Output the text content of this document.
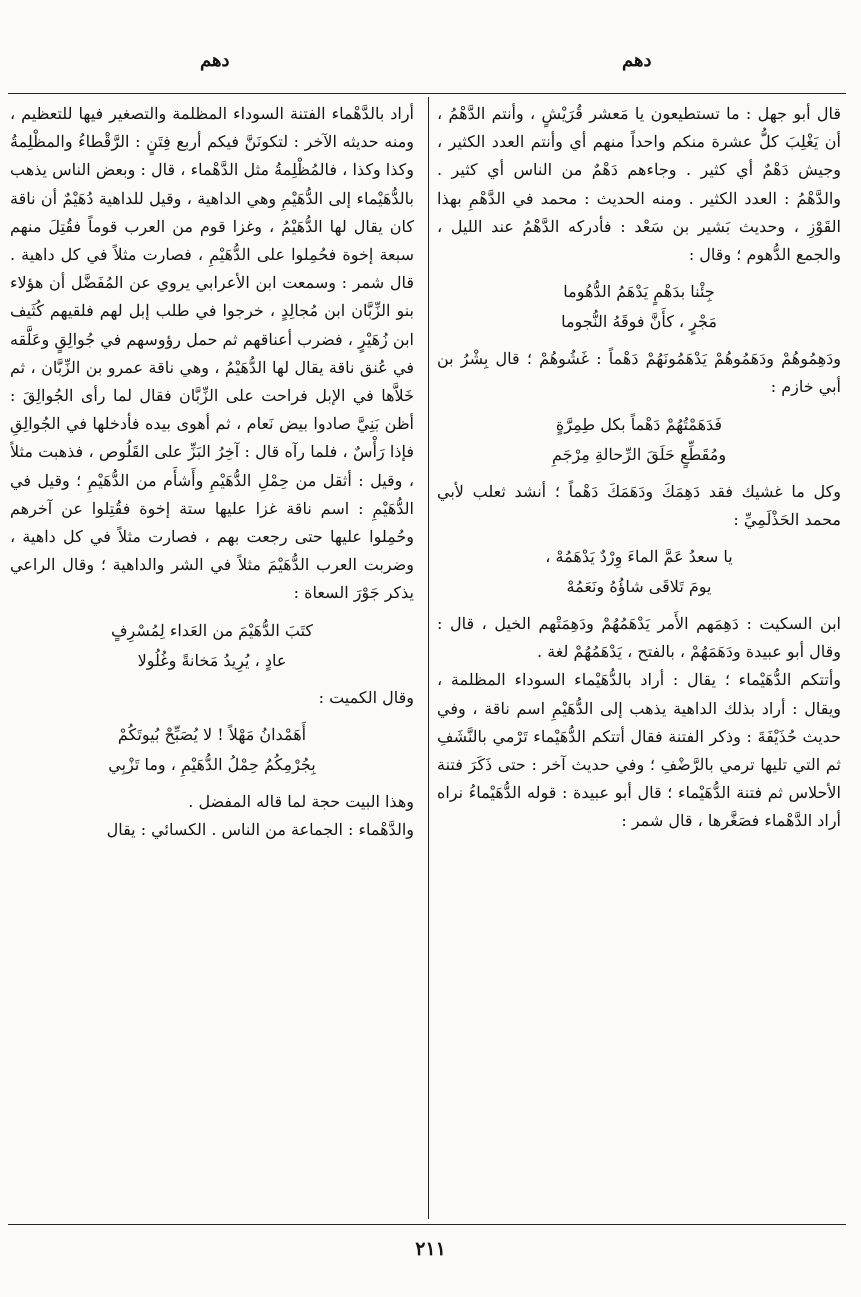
دهم	دهم

قال أبو جهل : ما تستطيعون يا مَعشر قُرَيْشٍ ، وأنتم الدَّهْمُ ، أن يَغْلِبَ كلُّ عشرة منكم واحداً منهم أي وأنتم العدد الكثير ، وجيش دَهْمٌ أي كثير . وجاءهم دَهْمٌ من الناس أي كثير . والدَّهْمُ : العدد الكثير . ومنه الحديث : محمد في الدَّهْمِ بهذا القَوْزِ ، وحديث بَشير بن سَعْد : فأدركه الدَّهْمُ عند الليل ، والجمع الدُّهوم ؛ وقال :

جِئْنا بدَهْمٍ يَدْهَمُ الدُّهُوما
مَجْرٍ ، كأَنَّ فوقَهُ النُّجوما

ودَهِمُوهُمْ ودَهَمُوهُمْ يَدْهَمُونَهُمْ دَهْماً : غَشُوهُمْ ؛ قال بِشْرُ بن أبي خازم :

فَدَهَمْتُهُمْ دَهْماً بكل طِمِرَّةٍ
ومُقَطِّعٍ حَلَقَ الرِّحالةِ مِرْجَمِ

وكل ما غشيك فقد دَهِمَكَ ودَهَمَكَ دَهْماً ؛ أنشد ثعلب لأبي محمد الحَذْلَمِيِّ :

يا سعدُ عَمَّ الماءَ وِرْدٌ يَدْهَمُهْ ،
يومَ تَلاقَى شاؤُهُ ونَعَمُهْ

ابن السكيت : دَهِمَهم الأَمر يَدْهَمُهُمْ ودَهِمَتْهم الخيل ، قال : وقال أبو عبيدة ودَهَمَهُمْ ، بالفتح ، يَدْهَمُهُمْ لغة .

وأتتكم الدُّهَيْماء ؛ يقال : أراد بالدُّهَيْماء السوداء المظلمة ، ويقال : أراد بذلك الداهية يذهب إلى الدُّهَيْمِ اسم ناقة ، وفي حديث حُذَيْفَةَ : وذكر الفتنة فقال أتتكم الدُّهَيْماء تَرْمي بالنَّشَفِ ثم التي تليها ترمي بالرَّضْفِ ؛ وفي حديث آخر : حتى ذَكَرَ فتنة الأحلاس ثم فتنة الدُّهَيْماء ؛ قال أبو عبيدة : قوله الدُّهَيْماءُ نراه أراد الدَّهْماء فصَغَّرها ، قال شمر :

أراد بالدَّهْماء الفتنة السوداء المظلمة والتصغير فيها للتعظيم ، ومنه حديثه الآخر : لتكونَنَّ فيكم أربع فِتَنٍ : الرَّقْطاءُ والمظْلِمةُ وكذا وكذا ، فالمُظْلِمةُ مثل الدَّهْماء ، قال : وبعض الناس يذهب بالدُّهَيْماء إلى الدُّهَيْمِ وهي الداهية ، وقيل للداهية دُهَيْمٌ أن ناقة كان يقال لها الدُّهَيْمُ ، وغزا قوم من العرب قوماً فقُتِلَ منهم سبعة إخوة فحُمِلوا على الدُّهَيْمِ ، فصارت مثلاً في كل داهية . قال شمر : وسمعت ابن الأعرابي يروي عن المُفَضَّل أن هؤلاء بنو الزِّبَّان ابن مُجالِدٍ ، خرجوا في طلب إبل لهم فلقيهم كُثَيف ابن زُهَيْرٍ ، فضرب أعناقهم ثم حمل رؤوسهم في جُوالِقٍ وعَلَّقه في عُنق ناقة يقال لها الدُّهَيْمُ ، وهي ناقة عمرو بن الزِّبَّان ، ثم خَلاَّها في الإبل فراحت على الزِّبَّان فقال لما رأى الجُوالِقَ : أظن بَنِيَّ صادوا بيض نَعام ، ثم أهوى بيده فأدخلها في الجُوالِقِ فإذا رَأْسٌ ، فلما رآه قال : آخِرُ البَزِّ على القَلُوص ، فذهبت مثلاً ، وقيل : أثقل من حِمْلِ الدُّهَيْمِ وأَشأَم من الدُّهَيْمِ ؛ وقيل في الدُّهَيْمِ : اسم ناقة غزا عليها ستة إخوة فقُتِلوا عن آخرهم وحُمِلوا عليها حتى رجعت بهم ، فصارت مثلاً في كل داهية ، وضربت العرب الدُّهَيْمَ مثلاً في الشر والداهية ؛ وقال الراعي يذكر جَوْرَ السعاة :

كتَبَ الدُّهَيْمَ من العَداء لِمُسْرِفٍ
عادٍ ، يُرِيدُ مَخانةً وغُلُولا

وقال الكميت :

أَهَمْدانُ مَهْلاً ! لا يُصَبِّحْ بُيوتَكُمْ
بِجُرْمِكُمُ حِمْلُ الدُّهَيْمِ ، وما تَزْبِي

وهذا البيت حجة لما قاله المفضل .

والدَّهْماء : الجماعة من الناس . الكسائي : يقال

٢١١
